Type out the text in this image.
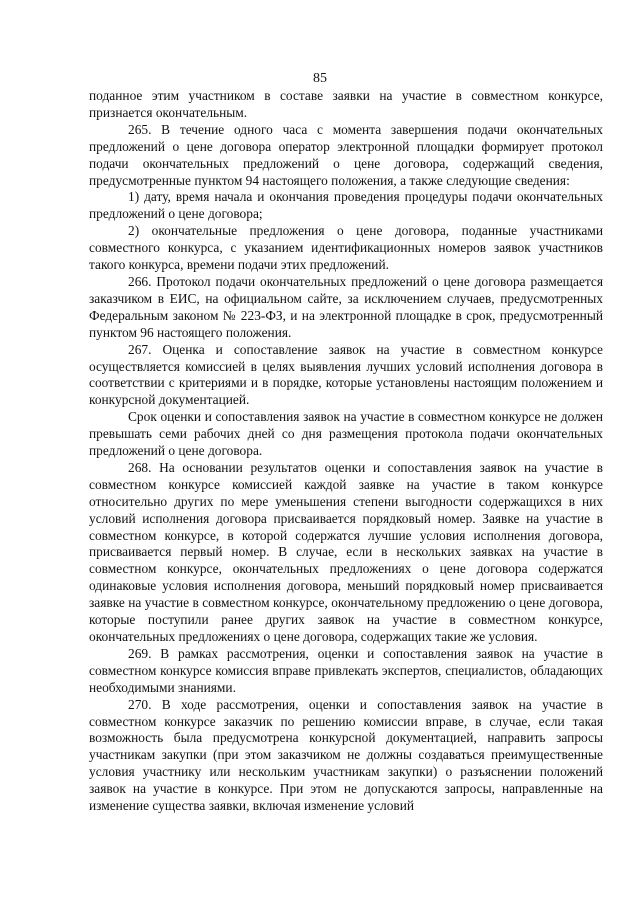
85

поданное этим участником в составе заявки на участие в совместном конкурсе, признается окончательным.

265. В течение одного часа с момента завершения подачи окончательных предложений о цене договора оператор электронной площадки формирует протокол подачи окончательных предложений о цене договора, содержащий сведения, предусмотренные пунктом 94 настоящего положения, а также следующие сведения:

1) дату, время начала и окончания проведения процедуры подачи окончательных предложений о цене договора;

2) окончательные предложения о цене договора, поданные участниками совместного конкурса, с указанием идентификационных номеров заявок участников такого конкурса, времени подачи этих предложений.

266. Протокол подачи окончательных предложений о цене договора размещается заказчиком в ЕИС, на официальном сайте, за исключением случаев, предусмотренных Федеральным законом № 223-ФЗ, и на электронной площадке в срок, предусмотренный пунктом 96 настоящего положения.

267. Оценка и сопоставление заявок на участие в совместном конкурсе осуществляется комиссией в целях выявления лучших условий исполнения договора в соответствии с критериями и в порядке, которые установлены настоящим положением и конкурсной документацией.

Срок оценки и сопоставления заявок на участие в совместном конкурсе не должен превышать семи рабочих дней со дня размещения протокола подачи окончательных предложений о цене договора.

268. На основании результатов оценки и сопоставления заявок на участие в совместном конкурсе комиссией каждой заявке на участие в таком конкурсе относительно других по мере уменьшения степени выгодности содержащихся в них условий исполнения договора присваивается порядковый номер. Заявке на участие в совместном конкурсе, в которой содержатся лучшие условия исполнения договора, присваивается первый номер. В случае, если в нескольких заявках на участие в совместном конкурсе, окончательных предложениях о цене договора содержатся одинаковые условия исполнения договора, меньший порядковый номер присваивается заявке на участие в совместном конкурсе, окончательному предложению о цене договора, которые поступили ранее других заявок на участие в совместном конкурсе, окончательных предложениях о цене договора, содержащих такие же условия.

269. В рамках рассмотрения, оценки и сопоставления заявок на участие в совместном конкурсе комиссия вправе привлекать экспертов, специалистов, обладающих необходимыми знаниями.

270. В ходе рассмотрения, оценки и сопоставления заявок на участие в совместном конкурсе заказчик по решению комиссии вправе, в случае, если такая возможность была предусмотрена конкурсной документацией, направить запросы участникам закупки (при этом заказчиком не должны создаваться преимущественные условия участнику или нескольким участникам закупки) о разъяснении положений заявок на участие в конкурсе. При этом не допускаются запросы, направленные на изменение существа заявки, включая изменение условий
